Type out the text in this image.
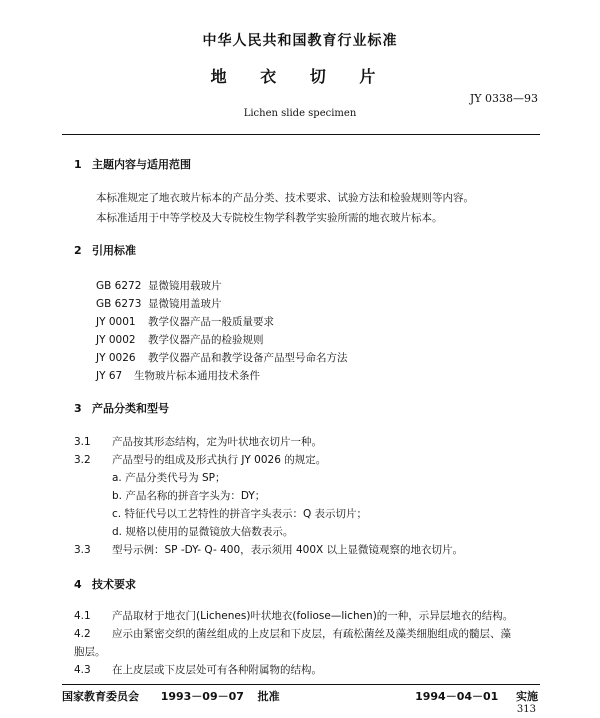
中华人民共和国教育行业标准
地 衣 切 片
JY 0338—93
Lichen slide specimen
1 主题内容与适用范围
本标准规定了地衣玻片标本的产品分类、技术要求、试验方法和检验规则等内容。
本标准适用于中等学校及大专院校生物学科教学实验所需的地衣玻片标本。
2 引用标准
GB 6272 显微镜用载玻片
GB 6273 显微镜用盖玻片
JY 0001 教学仪器产品一般质量要求
JY 0002 教学仪器产品的检验规则
JY 0026 教学仪器产品和教学设备产品型号命名方法
JY 67 生物玻片标本通用技术条件
3 产品分类和型号
3.1 产品按其形态结构，定为叶状地衣切片一种。
3.2 产品型号的组成及形式执行 JY 0026 的规定。
a. 产品分类代号为 SP；
b. 产品名称的拼音字头为：DY；
c. 特征代号以工艺特性的拼音字头表示：Q 表示切片；
d. 规格以使用的显微镜放大倍数表示。
3.3 型号示例：SP -DY- Q- 400，表示须用 400X 以上显微镜观察的地衣切片。
4 技术要求
4.1 产品取材于地衣门(Lichenes)叶状地衣(foliose—lichen)的一种，示异层地衣的结构。
4.2 应示由紧密交织的菌丝组成的上皮层和下皮层，有疏松菌丝及藻类细胞组成的髓层、藻
胞层。
4.3 在上皮层或下皮层处可有各种附属物的结构。
国家教育委员会 1993－09－07 批准	1994－04－01 实施
313
